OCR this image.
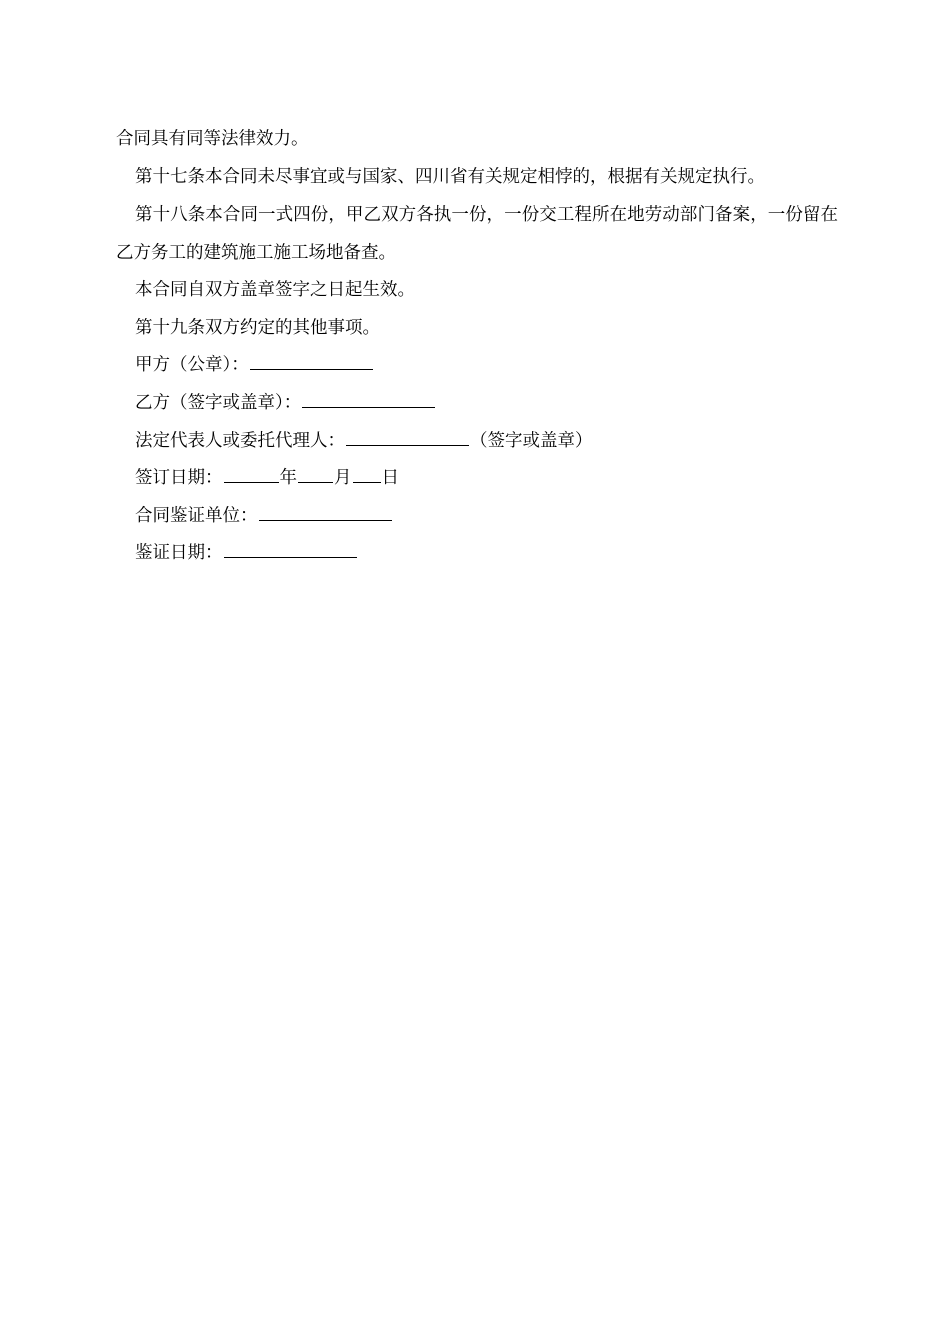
合同具有同等法律效力。

第十七条本合同未尽事宜或与国家、四川省有关规定相悖的，根据有关规定执行。

第十八条本合同一式四份，甲乙双方各执一份，一份交工程所在地劳动部门备案，一份留在乙方务工的建筑施工施工场地备查。

本合同自双方盖章签字之日起生效。

第十九条双方约定的其他事项。

甲方（公章）：

乙方（签字或盖章）：

法定代表人或委托代理人：	（签字或盖章）

签订日期：	年 月 日

合同鉴证单位：

鉴证日期：
